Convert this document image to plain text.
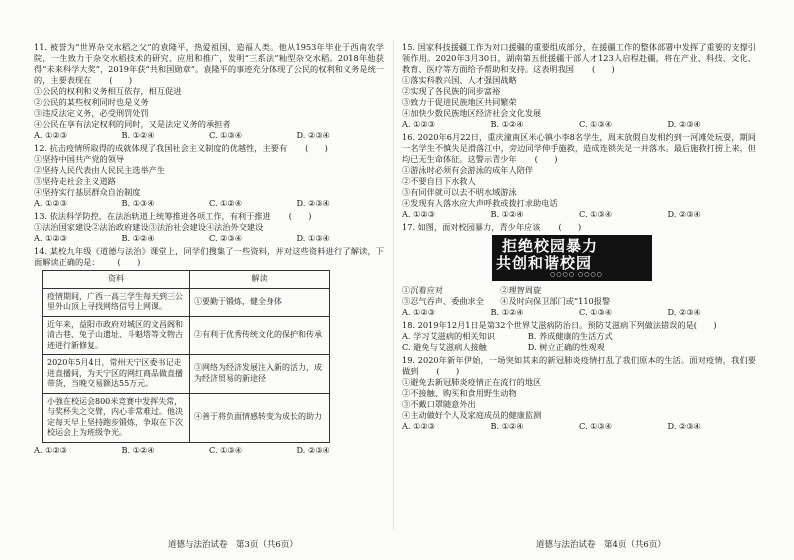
11. 被誉为“世界杂交水稻之父”的袁隆平，热爱祖国，造福人类。他从1953年毕业于西南农学院，一生致力于杂交水稻技术的研究、应用和推广，发明“三系法”籼型杂交水稻。2018年他获得“未来科学大奖”，2019年获“共和国勋章”。袁隆平的事迹充分体现了公民的权利和义务是统一的，主要表现在 (　　)

①公民的权利和义务相互依存，相互促进

②公民的某些权利同时也是义务

③违反法定义务，必受刑罚处罚

④公民在享有法定权利的同时，又是法定义务的承担者

A. ①②③	B. ①②④	C. ①③④	D. ②③④

12. 抗击疫情所取得的成就体现了我国社会主义制度的优越性，主要有 (　　)

①坚持中国共产党的领导

②坚持人民代表由人民民主选举产生

③坚持走社会主义道路

④坚持实行基层群众自治制度

A. ①②③	B. ①③④	C. ①②④	D. ②③④

13. 依法科学防控，在法治轨道上统筹推进各项工作，有利于推进 (　　)

①法治国家建设②法治政府建设③法治社会建设④法治外交建设

A. ①②③	B. ①②④	C. ②③④	D. ①③④

14. 某校九年级《道德与法治》课堂上，同学们搜集了一些资料，并对这些资料进行了解读，下面解读正确的是： (　　)

资料	解读
疫情期间，广西一高三学生每天到三公里外山顶上寻找网络信号上网课。	①要勤于锻炼，健全身体
近年来，益阳市政府对城区的文昌阁和清古巷、兔子山遗址、斗魁塔等文物古迹进行新修复。	②有利于优秀传统文化的保护和传承
2020年5月4日，常州天宁区委书记走进直播间，为天宁区的网红商品做直播带货，当晚交易额达55万元。	③网络为经济发展注入新的活力，成为经济贸易的新途径
小強在校运会800米竞赛中发挥失常，与奖杯失之交臂，内心非常难过。他决定每天早上坚持跑步锻炼，争取在下次校运会上为班级争光。	④善于将负面情感转变为成长的助力
A. ①②③	B. ①②④	C. ①③④	D. ②③④

15. 国家科技援疆工作为对口援疆的重要组成部分，在援疆工作的整体部署中发挥了重要的支撑引领作用。2020年3月30日，湖南第五批援疆干部人才123人启程赴疆，将在产业、科技、文化、教育、医疗等方面给予帮助和支持。这表明我国 (　　)

①落实科教兴国、人才强国战略

②实现了各民族的同步富裕

③致力于促进民族地区共同繁荣

④加快少数民族地区经济社会文化发展

A. ①②③	B. ①②④	C. ①③④	D. ②③④

16. 2020年6月22日，重庆潼南区米心镇小李8名学生，周末放假自发相约到一河滩处玩耍，期间一名学生不慎失足滑落江中，旁边同学伸手施救，造成连锁失足一并落水。最后施救打捞上来，但均已无生命体征。这警示青少年 (　　)

①游泳时必须有会游泳的成年人陪伴

②不要自目下水救人

③有同伴就可以去不明水域游泳

④发现有人落水应大声呼救或拨打求助电话

A. ①②③	B. ①②④	C. ①③④	D. ②③④

17. 如图，面对校园暴力，青少年应该 (　　)

拒绝校园暴力
共创和谐校园
○○○○ ○○○○

①沉着应对　　　　　　　②理智周旋

③忍气吞声、委曲求全　　④及时向保卫部门或“110报警

A. ①②③	B. ①②④	C. ①③④	D. ②③④

18. 2019年12月1日是第32个世界艾滋病防治日。预防艾滋病下列做法错误的是(　　)

A. 学习艾滋病的相关知识　　　　B. 养成健康的生活方式

C. 避免与艾滋病人接触　　　　　D. 树立正确的性观观

19. 2020年新年伊始，一场突如其来的新冠肺炎疫情打乱了我们原本的生活。面对疫情，我们要做到 (　　)

①避免去新冠肺炎疫情正在流行的地区

②不接触、购买和食用野生动物

③不戴口罩随意外出

④主动做好个人及家庭成员的健康监测

A. ①②③	B. ①②④	C. ①③④	D. ②③④
道德与法治试卷　第3页（共6页）	道德与法治试卷　第4页（共6页）
